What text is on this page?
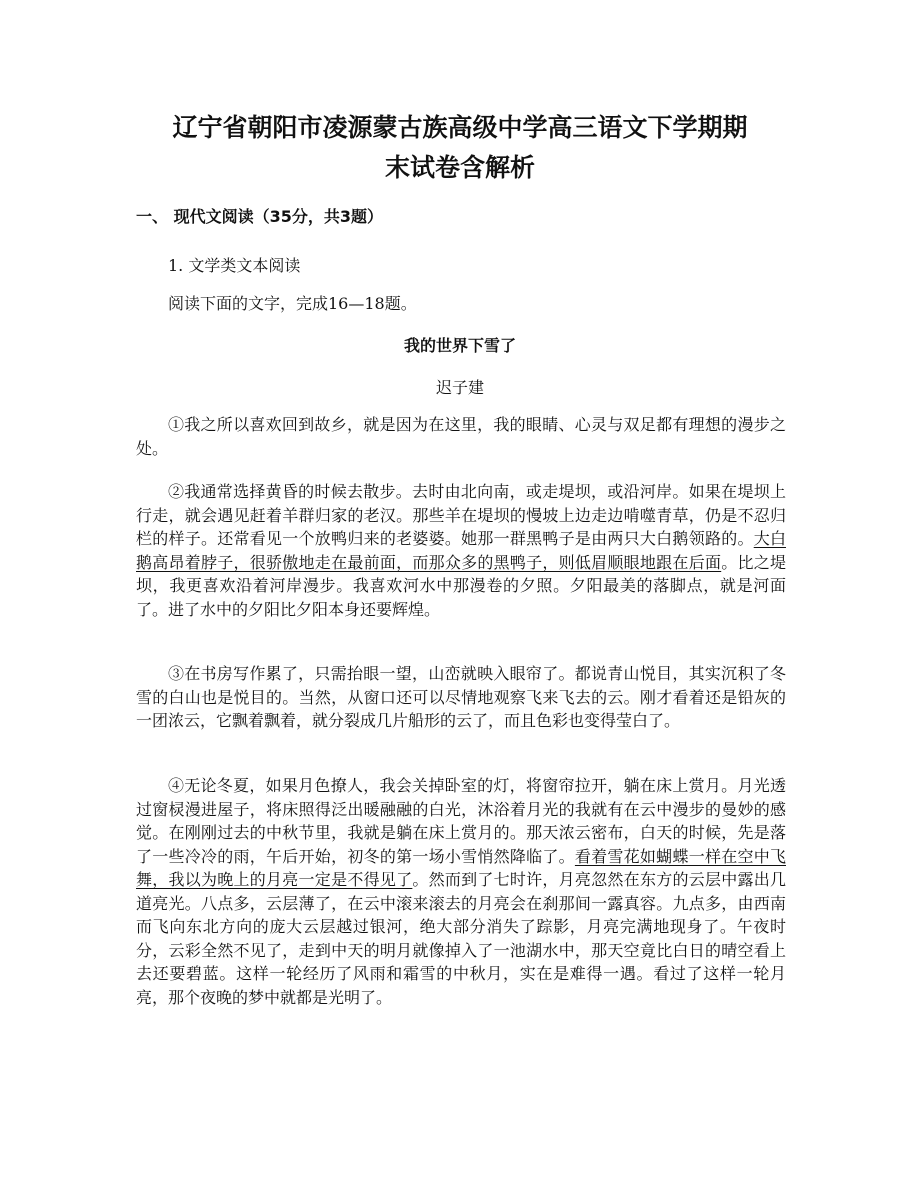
辽宁省朝阳市凌源蒙古族高级中学高三语文下学期期
末试卷含解析
一、 现代文阅读（35分，共3题）
1. 文学类文本阅读
阅读下面的文字，完成16—18题。
我的世界下雪了
迟子建
①我之所以喜欢回到故乡，就是因为在这里，我的眼睛、心灵与双足都有理想的漫步之处。
②我通常选择黄昏的时候去散步。去时由北向南，或走堤坝，或沿河岸。如果在堤坝上行走，就会遇见赶着羊群归家的老汉。那些羊在堤坝的慢坡上边走边啃噬青草，仍是不忍归栏的样子。还常看见一个放鸭归来的老婆婆。她那一群黑鸭子是由两只大白鹅领路的。大白鹅高昂着脖子，很骄傲地走在最前面，而那众多的黑鸭子，则低眉顺眼地跟在后面。比之堤坝，我更喜欢沿着河岸漫步。我喜欢河水中那漫卷的夕照。夕阳最美的落脚点，就是河面了。进了水中的夕阳比夕阳本身还要辉煌。
③在书房写作累了，只需抬眼一望，山峦就映入眼帘了。都说青山悦目，其实沉积了冬雪的白山也是悦目的。当然，从窗口还可以尽情地观察飞来飞去的云。刚才看着还是铅灰的一团浓云，它飘着飘着，就分裂成几片船形的云了，而且色彩也变得莹白了。
④无论冬夏，如果月色撩人，我会关掉卧室的灯，将窗帘拉开，躺在床上赏月。月光透过窗棂漫进屋子，将床照得泛出暖融融的白光，沐浴着月光的我就有在云中漫步的曼妙的感觉。在刚刚过去的中秋节里，我就是躺在床上赏月的。那天浓云密布，白天的时候，先是落了一些冷冷的雨，午后开始，初冬的第一场小雪悄然降临了。看着雪花如蝴蝶一样在空中飞舞，我以为晚上的月亮一定是不得见了。然而到了七时许，月亮忽然在东方的云层中露出几道亮光。八点多，云层薄了，在云中滚来滚去的月亮会在刹那间一露真容。九点多，由西南而飞向东北方向的庞大云层越过银河，绝大部分消失了踪影，月亮完满地现身了。午夜时分，云彩全然不见了，走到中天的明月就像掉入了一池湖水中，那天空竟比白日的晴空看上去还要碧蓝。这样一轮经历了风雨和霜雪的中秋月，实在是难得一遇。看过了这样一轮月亮，那个夜晚的梦中就都是光明了。
